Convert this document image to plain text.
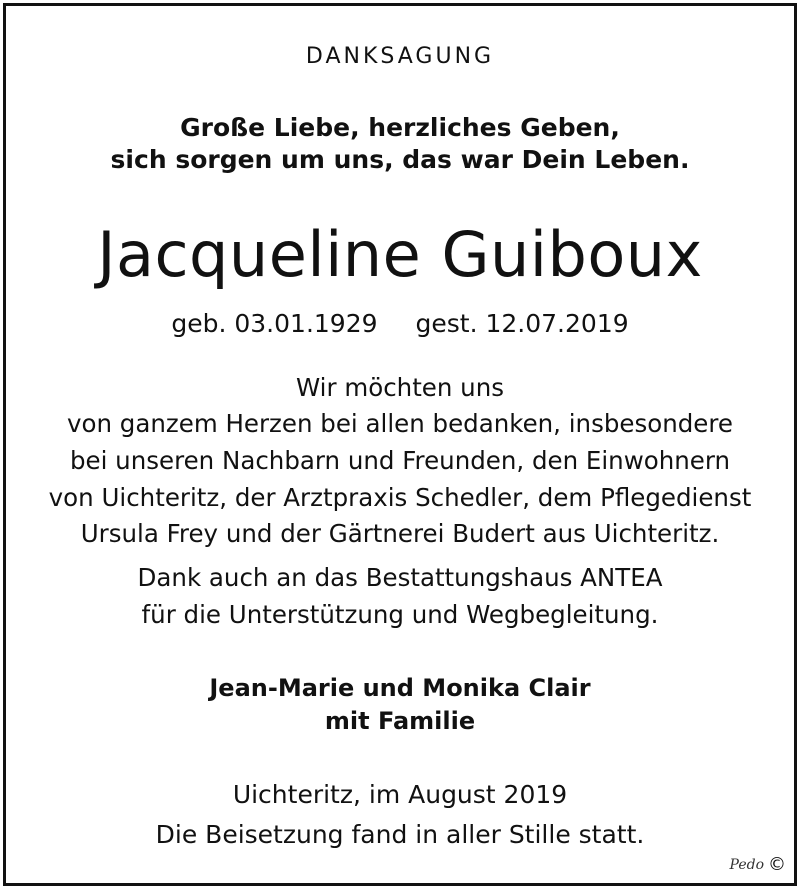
DANKSAGUNG
Große Liebe, herzliches Geben,
sich sorgen um uns, das war Dein Leben.
Jacqueline Guiboux
geb. 03.01.1929 gest. 12.07.2019
Wir möchten uns
von ganzem Herzen bei allen bedanken, insbesondere
bei unseren Nachbarn und Freunden, den Einwohnern
von Uichteritz, der Arztpraxis Schedler, dem Pflegedienst
Ursula Frey und der Gärtnerei Budert aus Uichteritz.
Dank auch an das Bestattungshaus ANTEA
für die Unterstützung und Wegbegleitung.
Jean-Marie und Monika Clair
mit Familie
Uichteritz, im August 2019
Die Beisetzung fand in aller Stille statt.
Pedo ©
